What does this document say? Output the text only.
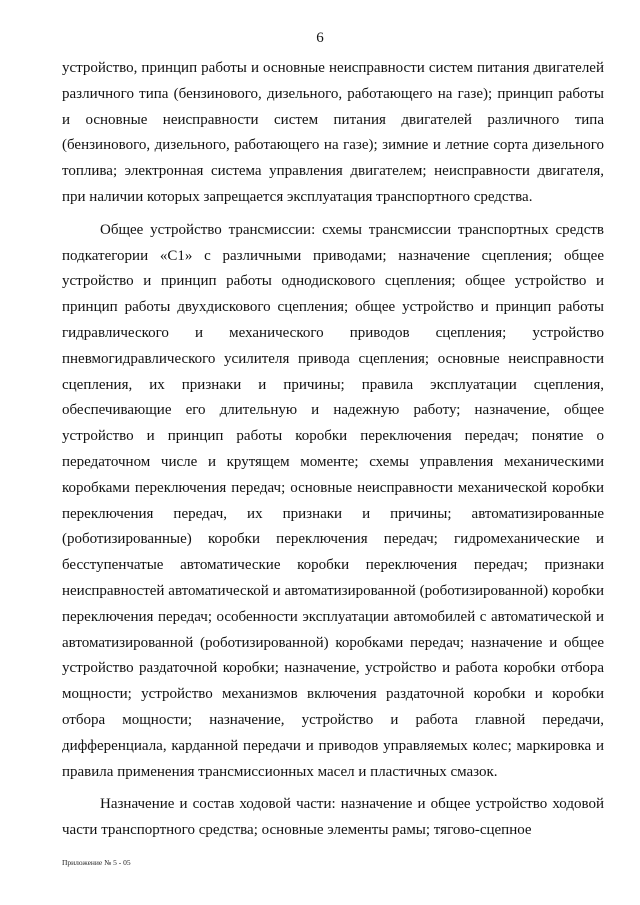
6

устройство, принцип работы и основные неисправности систем питания двигателей различного типа (бензинового, дизельного, работающего на газе); принцип работы и основные неисправности систем питания двигателей различного типа (бензинового, дизельного, работающего на газе); зимние и летние сорта дизельного топлива; электронная система управления двигателем; неисправности двигателя, при наличии которых запрещается эксплуатация транспортного средства.

Общее устройство трансмиссии: схемы трансмиссии транспортных средств подкатегории «C1» с различными приводами; назначение сцепления; общее устройство и принцип работы однодискового сцепления; общее устройство и принцип работы двухдискового сцепления; общее устройство и принцип работы гидравлического и механического приводов сцепления; устройство пневмогидравлического усилителя привода сцепления; основные неисправности сцепления, их признаки и причины; правила эксплуатации сцепления, обеспечивающие его длительную и надежную работу; назначение, общее устройство и принцип работы коробки переключения передач; понятие о передаточном числе и крутящем моменте; схемы управления механическими коробками переключения передач; основные неисправности механической коробки переключения передач, их признаки и причины; автоматизированные (роботизированные) коробки переключения передач; гидромеханические и бесступенчатые автоматические коробки переключения передач; признаки неисправностей автоматической и автоматизированной (роботизированной) коробки переключения передач; особенности эксплуатации автомобилей с автоматической и автоматизированной (роботизированной) коробками передач; назначение и общее устройство раздаточной коробки; назначение, устройство и работа коробки отбора мощности; устройство механизмов включения раздаточной коробки и коробки отбора мощности; назначение, устройство и работа главной передачи, дифференциала, карданной передачи и приводов управляемых колес; маркировка и правила применения трансмиссионных масел и пластичных смазок.

Назначение и состав ходовой части: назначение и общее устройство ходовой части транспортного средства; основные элементы рамы; тягово-сцепное

Приложение № 5 - 05
